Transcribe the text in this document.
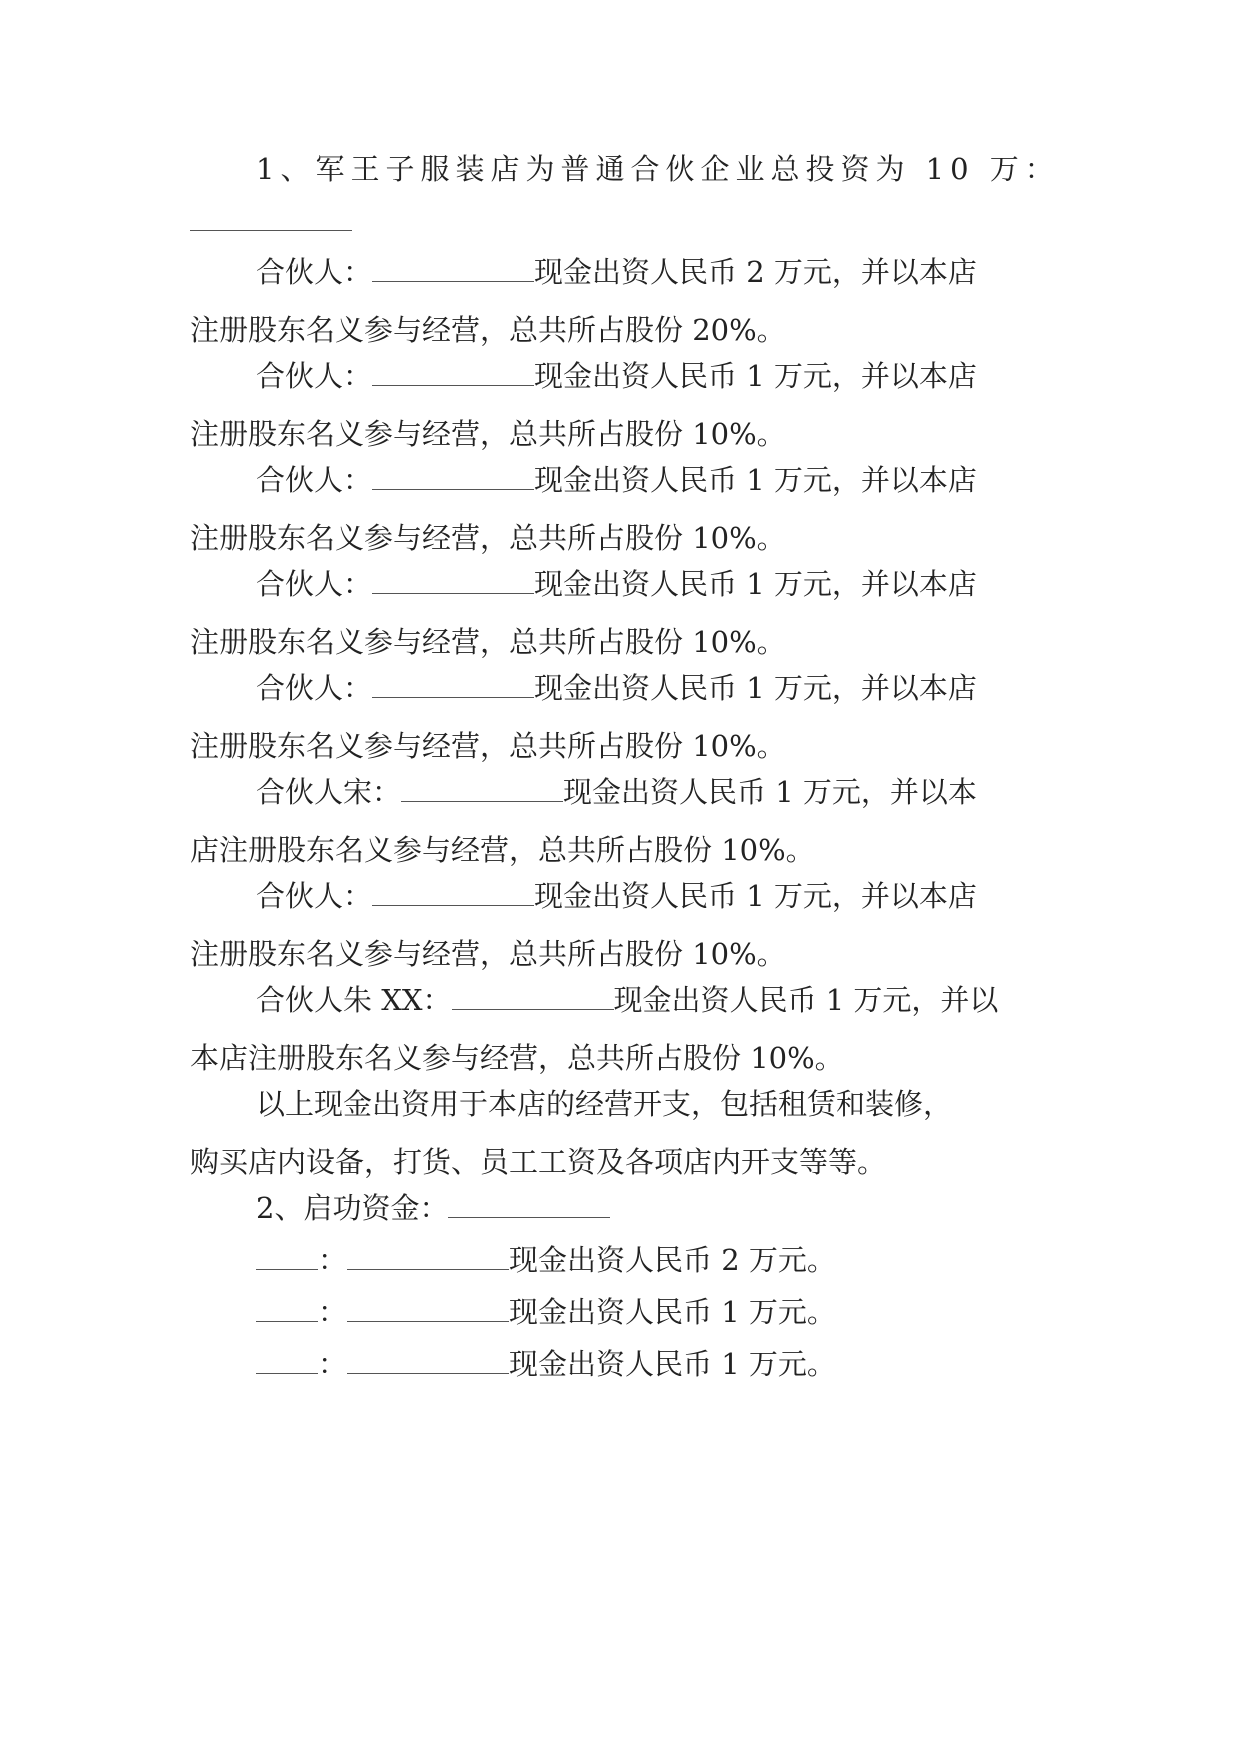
1、军王子服装店为普通合伙企业总投资为 10 万：

合伙人：	现金出资人民币 2 万元，并以本店
注册股东名义参与经营，总共所占股份 20%。

合伙人：	现金出资人民币 1 万元，并以本店
注册股东名义参与经营，总共所占股份 10%。

合伙人：	现金出资人民币 1 万元，并以本店
注册股东名义参与经营，总共所占股份 10%。

合伙人：	现金出资人民币 1 万元，并以本店
注册股东名义参与经营，总共所占股份 10%。

合伙人：	现金出资人民币 1 万元，并以本店
注册股东名义参与经营，总共所占股份 10%。

合伙人宋：	现金出资人民币 1 万元，并以本
店注册股东名义参与经营，总共所占股份 10%。

合伙人：	现金出资人民币 1 万元，并以本店
注册股东名义参与经营，总共所占股份 10%。

合伙人朱 XX：	现金出资人民币 1 万元，并以
本店注册股东名义参与经营，总共所占股份 10%。

以上现金出资用于本店的经营开支，包括租赁和装修，
购买店内设备，打货、员工工资及各项店内开支等等。

2、启功资金：

：	现金出资人民币 2 万元。

：	现金出资人民币 1 万元。

：	现金出资人民币 1 万元。
